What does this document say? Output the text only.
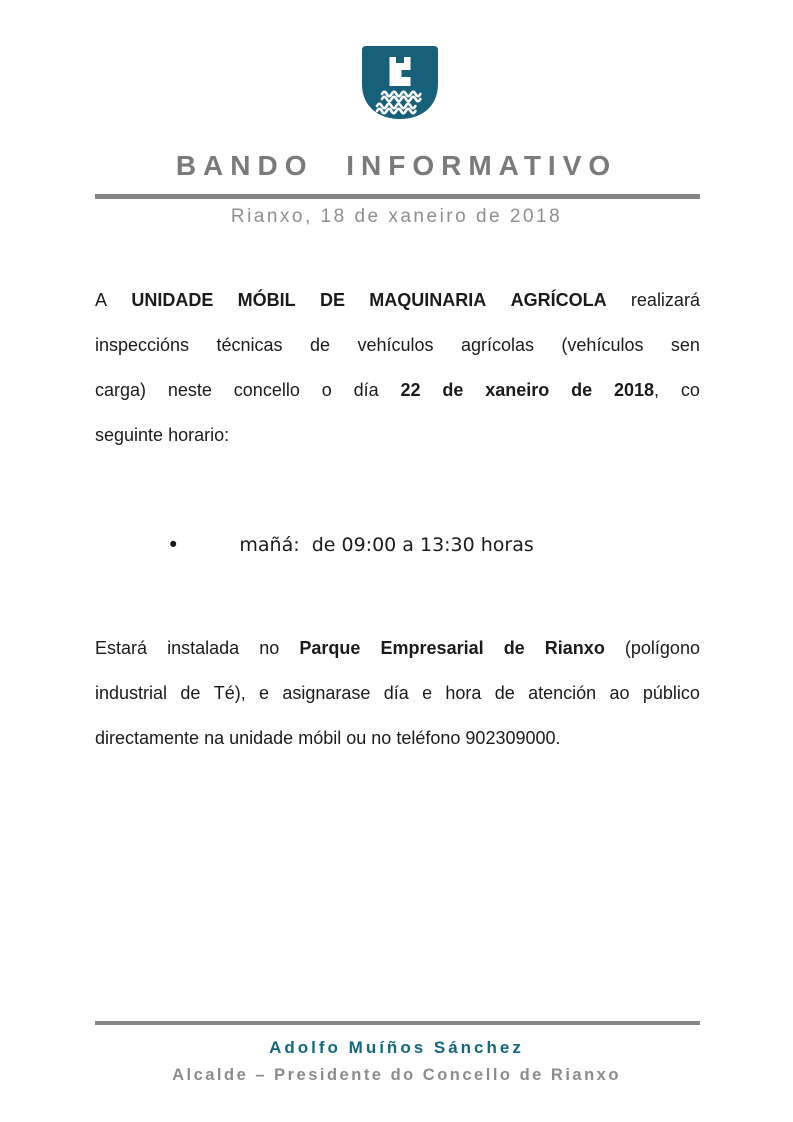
BANDO INFORMATIVO
Rianxo, 18 de xaneiro de 2018
A UNIDADE MÓBIL DE MAQUINARIA AGRÍCOLA realizará
inspeccións técnicas de vehículos agrícolas (vehículos sen
carga) neste concello o día 22 de xaneiro de 2018, co
seguinte horario:
•	mañá:  de 09:00 a 13:30 horas
Estará instalada no Parque Empresarial de Rianxo (polígono
industrial de Té), e asignarase día e hora de atención ao público
directamente na unidade móbil ou no teléfono 902309000.
Adolfo Muíños Sánchez
Alcalde – Presidente do Concello de Rianxo
